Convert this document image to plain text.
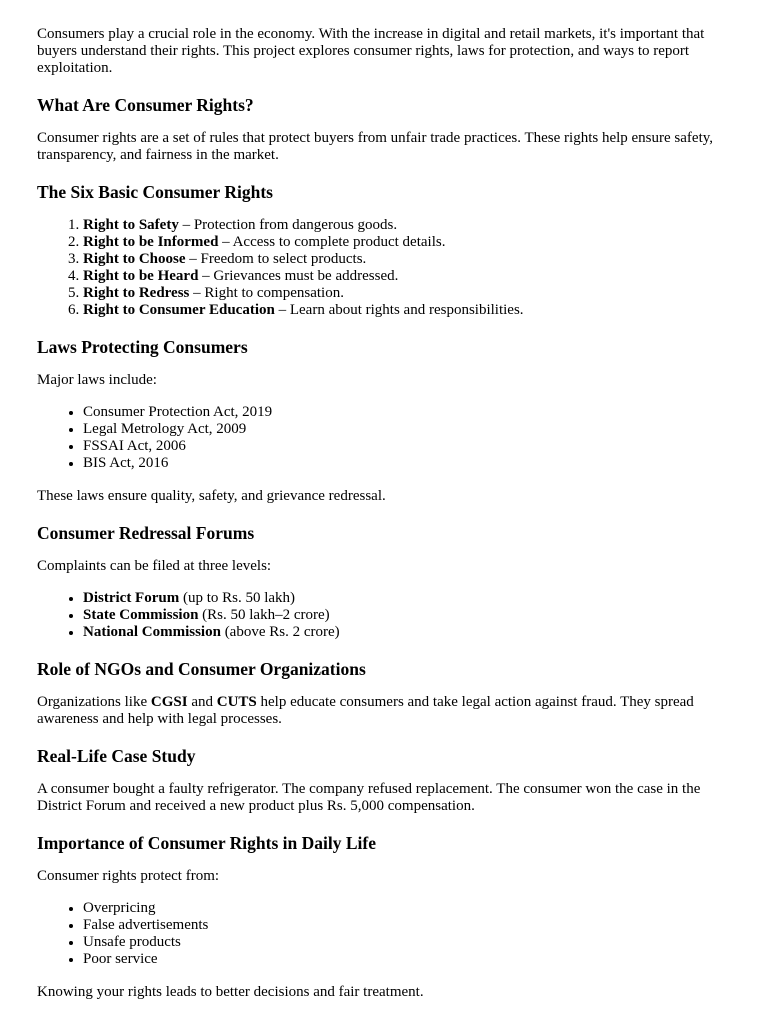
Consumers play a crucial role in the economy. With the increase in digital and retail markets, it's important that buyers understand their rights. This project explores consumer rights, laws for protection, and ways to report exploitation.

What Are Consumer Rights?

Consumer rights are a set of rules that protect buyers from unfair trade practices. These rights help ensure safety, transparency, and fairness in the market.

The Six Basic Consumer Rights
1. Right to Safety – Protection from dangerous goods.
2. Right to be Informed – Access to complete product details.
3. Right to Choose – Freedom to select products.
4. Right to be Heard – Grievances must be addressed.
5. Right to Redress – Right to compensation.
6. Right to Consumer Education – Learn about rights and responsibilities.
Laws Protecting Consumers

Major laws include:

• Consumer Protection Act, 2019
• Legal Metrology Act, 2009
• FSSAI Act, 2006
• BIS Act, 2016

These laws ensure quality, safety, and grievance redressal.

Consumer Redressal Forums

Complaints can be filed at three levels:

• District Forum (up to Rs. 50 lakh)
• State Commission (Rs. 50 lakh–2 crore)
• National Commission (above Rs. 2 crore)
Role of NGOs and Consumer Organizations

Organizations like CGSI and CUTS help educate consumers and take legal action against fraud. They spread awareness and help with legal processes.

Real-Life Case Study

A consumer bought a faulty refrigerator. The company refused replacement. The consumer won the case in the District Forum and received a new product plus Rs. 5,000 compensation.

Importance of Consumer Rights in Daily Life

Consumer rights protect from:

• Overpricing
• False advertisements
• Unsafe products
• Poor service

Knowing your rights leads to better decisions and fair treatment.
